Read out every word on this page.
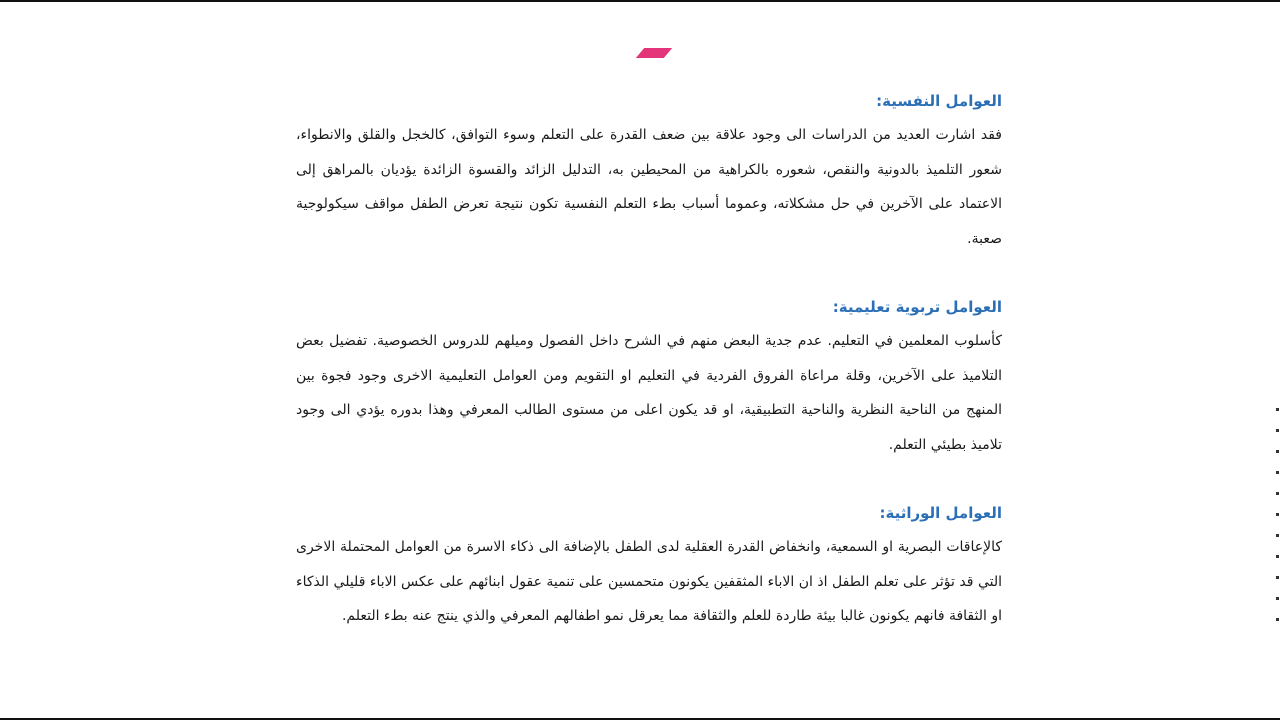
العوامل النفسية:

فقد اشارت العديد من الدراسات الى وجود علاقة بين ضعف القدرة على التعلم وسوء التوافق، كالخجل والقلق والانطواء، شعور التلميذ بالدونية والنقص، شعوره بالكراهية من المحيطين به، التدليل الزائد والقسوة الزائدة يؤديان بالمراهق إلى الاعتماد على الآخرين في حل مشكلاته، وعموما أسباب بطء التعلم النفسية تكون نتيجة تعرض الطفل مواقف سيكولوجية صعبة.

العوامل تربوية تعليمية:

كأسلوب المعلمين في التعليم. عدم جدية البعض منهم في الشرح داخل الفصول وميلهم للدروس الخصوصية. تفضيل بعض التلاميذ على الآخرين، وقلة مراعاة الفروق الفردية في التعليم او التقويم ومن العوامل التعليمية الاخرى وجود فجوة بين المنهج من الناحية النظرية والناحية التطبيقية، او قد يكون اعلى من مستوى الطالب المعرفي وهذا بدوره يؤدي الى وجود تلاميذ بطيئي التعلم.

العوامل الوراثية:

كالإعاقات البصرية او السمعية، وانخفاض القدرة العقلية لدى الطفل بالإضافة الى ذكاء الاسرة من العوامل المحتملة الاخرى التي قد تؤثر على تعلم الطفل اذ ان الاباء المثقفين يكونون متحمسين على تنمية عقول ابنائهم على عكس الاباء قليلي الذكاء او الثقافة فانهم يكونون غالبا بيئة طاردة للعلم والثقافة مما يعرقل نمو اطفالهم المعرفي والذي ينتج عنه بطء التعلم.
